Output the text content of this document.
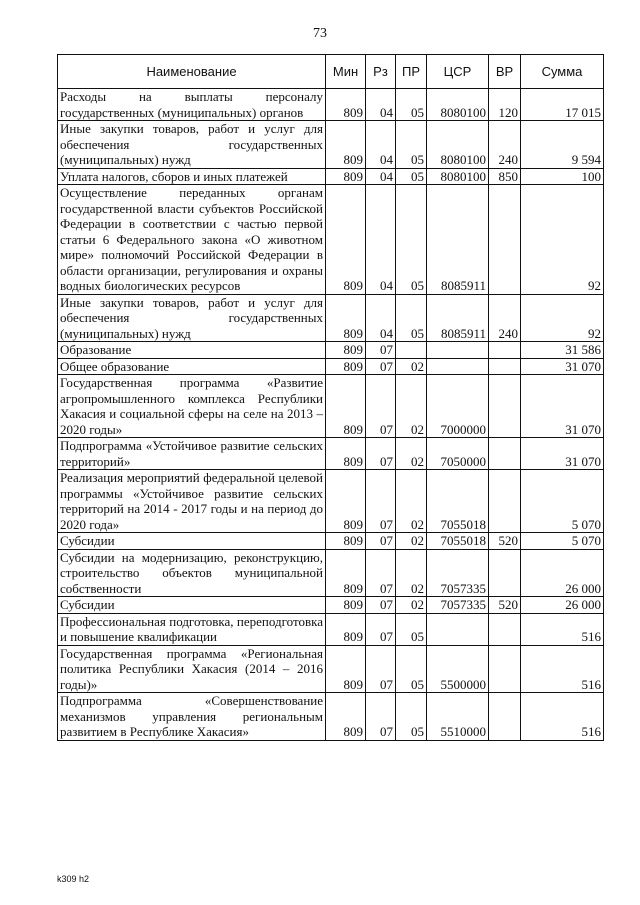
73
Наименование	Мин	Рз	ПР	ЦСР	ВР	Сумма
Расходы на выплаты персоналу государственных (муниципальных) органов	809	04	05	8080100	120	17 015
Иные закупки товаров, работ и услуг для обеспечения государственных (муниципальных) нужд	809	04	05	8080100	240	9 594
Уплата налогов, сборов и иных платежей	809	04	05	8080100	850	100
Осуществление переданных органам государственной власти субъектов Российской Федерации в соответствии с частью первой статьи 6 Федерального закона «О животном мире» полномочий Российской Федерации в области организации, регулирования и охраны водных биологических ресурсов	809	04	05	8085911		92
Иные закупки товаров, работ и услуг для обеспечения государственных (муниципальных) нужд	809	04	05	8085911	240	92
Образование	809	07				31 586
Общее образование	809	07	02			31 070
Государственная программа «Развитие агропромышленного комплекса Республики Хакасия и социальной сферы на селе на 2013 – 2020 годы»	809	07	02	7000000		31 070
Подпрограмма «Устойчивое развитие сельских территорий»	809	07	02	7050000		31 070
Реализация мероприятий федеральной целевой программы «Устойчивое развитие сельских территорий на 2014 - 2017 годы и на период до 2020 года»	809	07	02	7055018		5 070
Субсидии	809	07	02	7055018	520	5 070
Субсидии на модернизацию, реконструкцию, строительство объектов муниципальной собственности	809	07	02	7057335		26 000
Субсидии	809	07	02	7057335	520	26 000
Профессиональная подготовка, переподготовка и повышение квалификации	809	07	05			516
Государственная программа «Региональная политика Республики Хакасия (2014 – 2016 годы)»	809	07	05	5500000		516
Подпрограмма «Совершенствование механизмов управления региональным развитием в Республике Хакасия»	809	07	05	5510000		516
k309 h2
